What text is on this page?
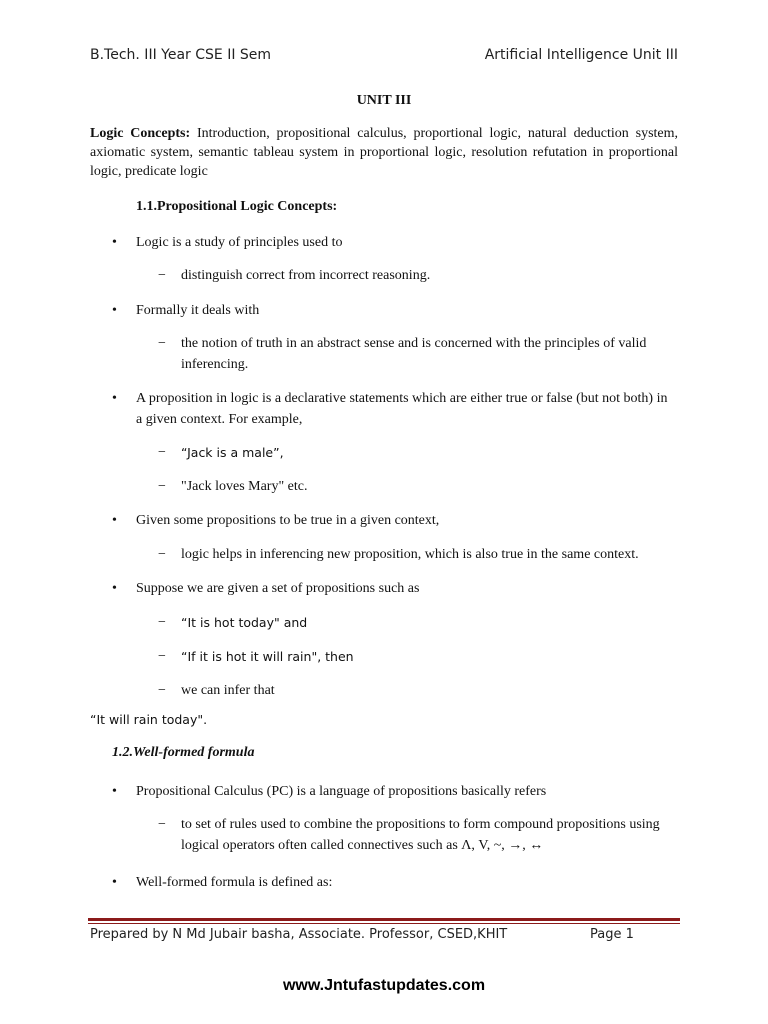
B.Tech. III Year CSE II Sem	Artificial Intelligence Unit III
UNIT III
Logic Concepts: Introduction, propositional calculus, proportional logic, natural deduction system, axiomatic system, semantic tableau system in proportional logic, resolution refutation in proportional logic, predicate logic
1.1.Propositional Logic Concepts:
• Logic is a study of principles used to
− distinguish correct from incorrect reasoning.
• Formally it deals with
− the notion of truth in an abstract sense and is concerned with the principles of valid inferencing.
• A proposition in logic is a declarative statements which are either true or false (but not both) in a given context. For example,
− “Jack is a male”,
− "Jack loves Mary" etc.
• Given some propositions to be true in a given context,
− logic helps in inferencing new proposition, which is also true in the same context.
• Suppose we are given a set of propositions such as
− “It is hot today" and
− “If it is hot it will rain", then
− we can infer that
“It will rain today".
1.2.Well-formed formula
• Propositional Calculus (PC) is a language of propositions basically refers
− to set of rules used to combine the propositions to form compound propositions using logical operators often called connectives such as Λ, V, ~, →, ↔
• Well-formed formula is defined as:
Prepared by N Md Jubair basha, Associate. Professor, CSED,KHIT	Page 1
www.Jntufastupdates.com
